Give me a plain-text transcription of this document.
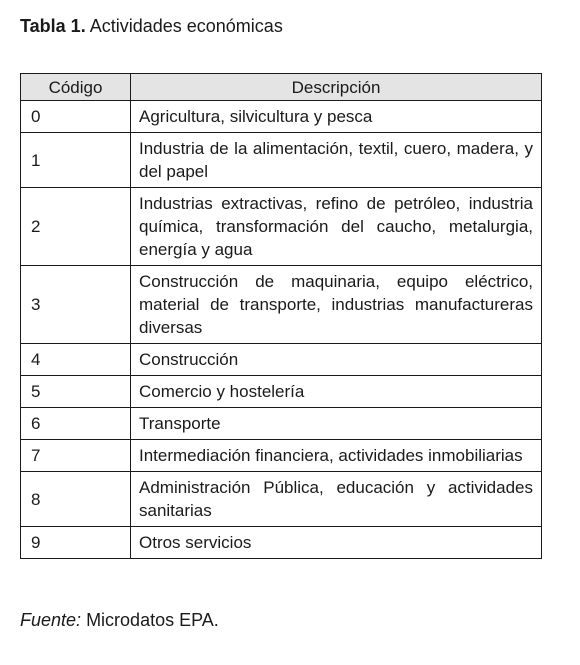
Tabla 1. Actividades económicas
Código	Descripción
0	Agricultura, silvicultura y pesca
1	Industria de la alimentación, textil, cuero, madera, y del papel
2	Industrias extractivas, refino de petróleo, industria química, transformación del caucho, metalurgia, energía y agua
3	Construcción de maquinaria, equipo eléctrico, material de transporte, industrias manufactureras diversas
4	Construcción
5	Comercio y hostelería
6	Transporte
7	Intermediación financiera, actividades inmobiliarias
8	Administración Pública, educación y actividades sanitarias
9	Otros servicios
Fuente: Microdatos EPA.
